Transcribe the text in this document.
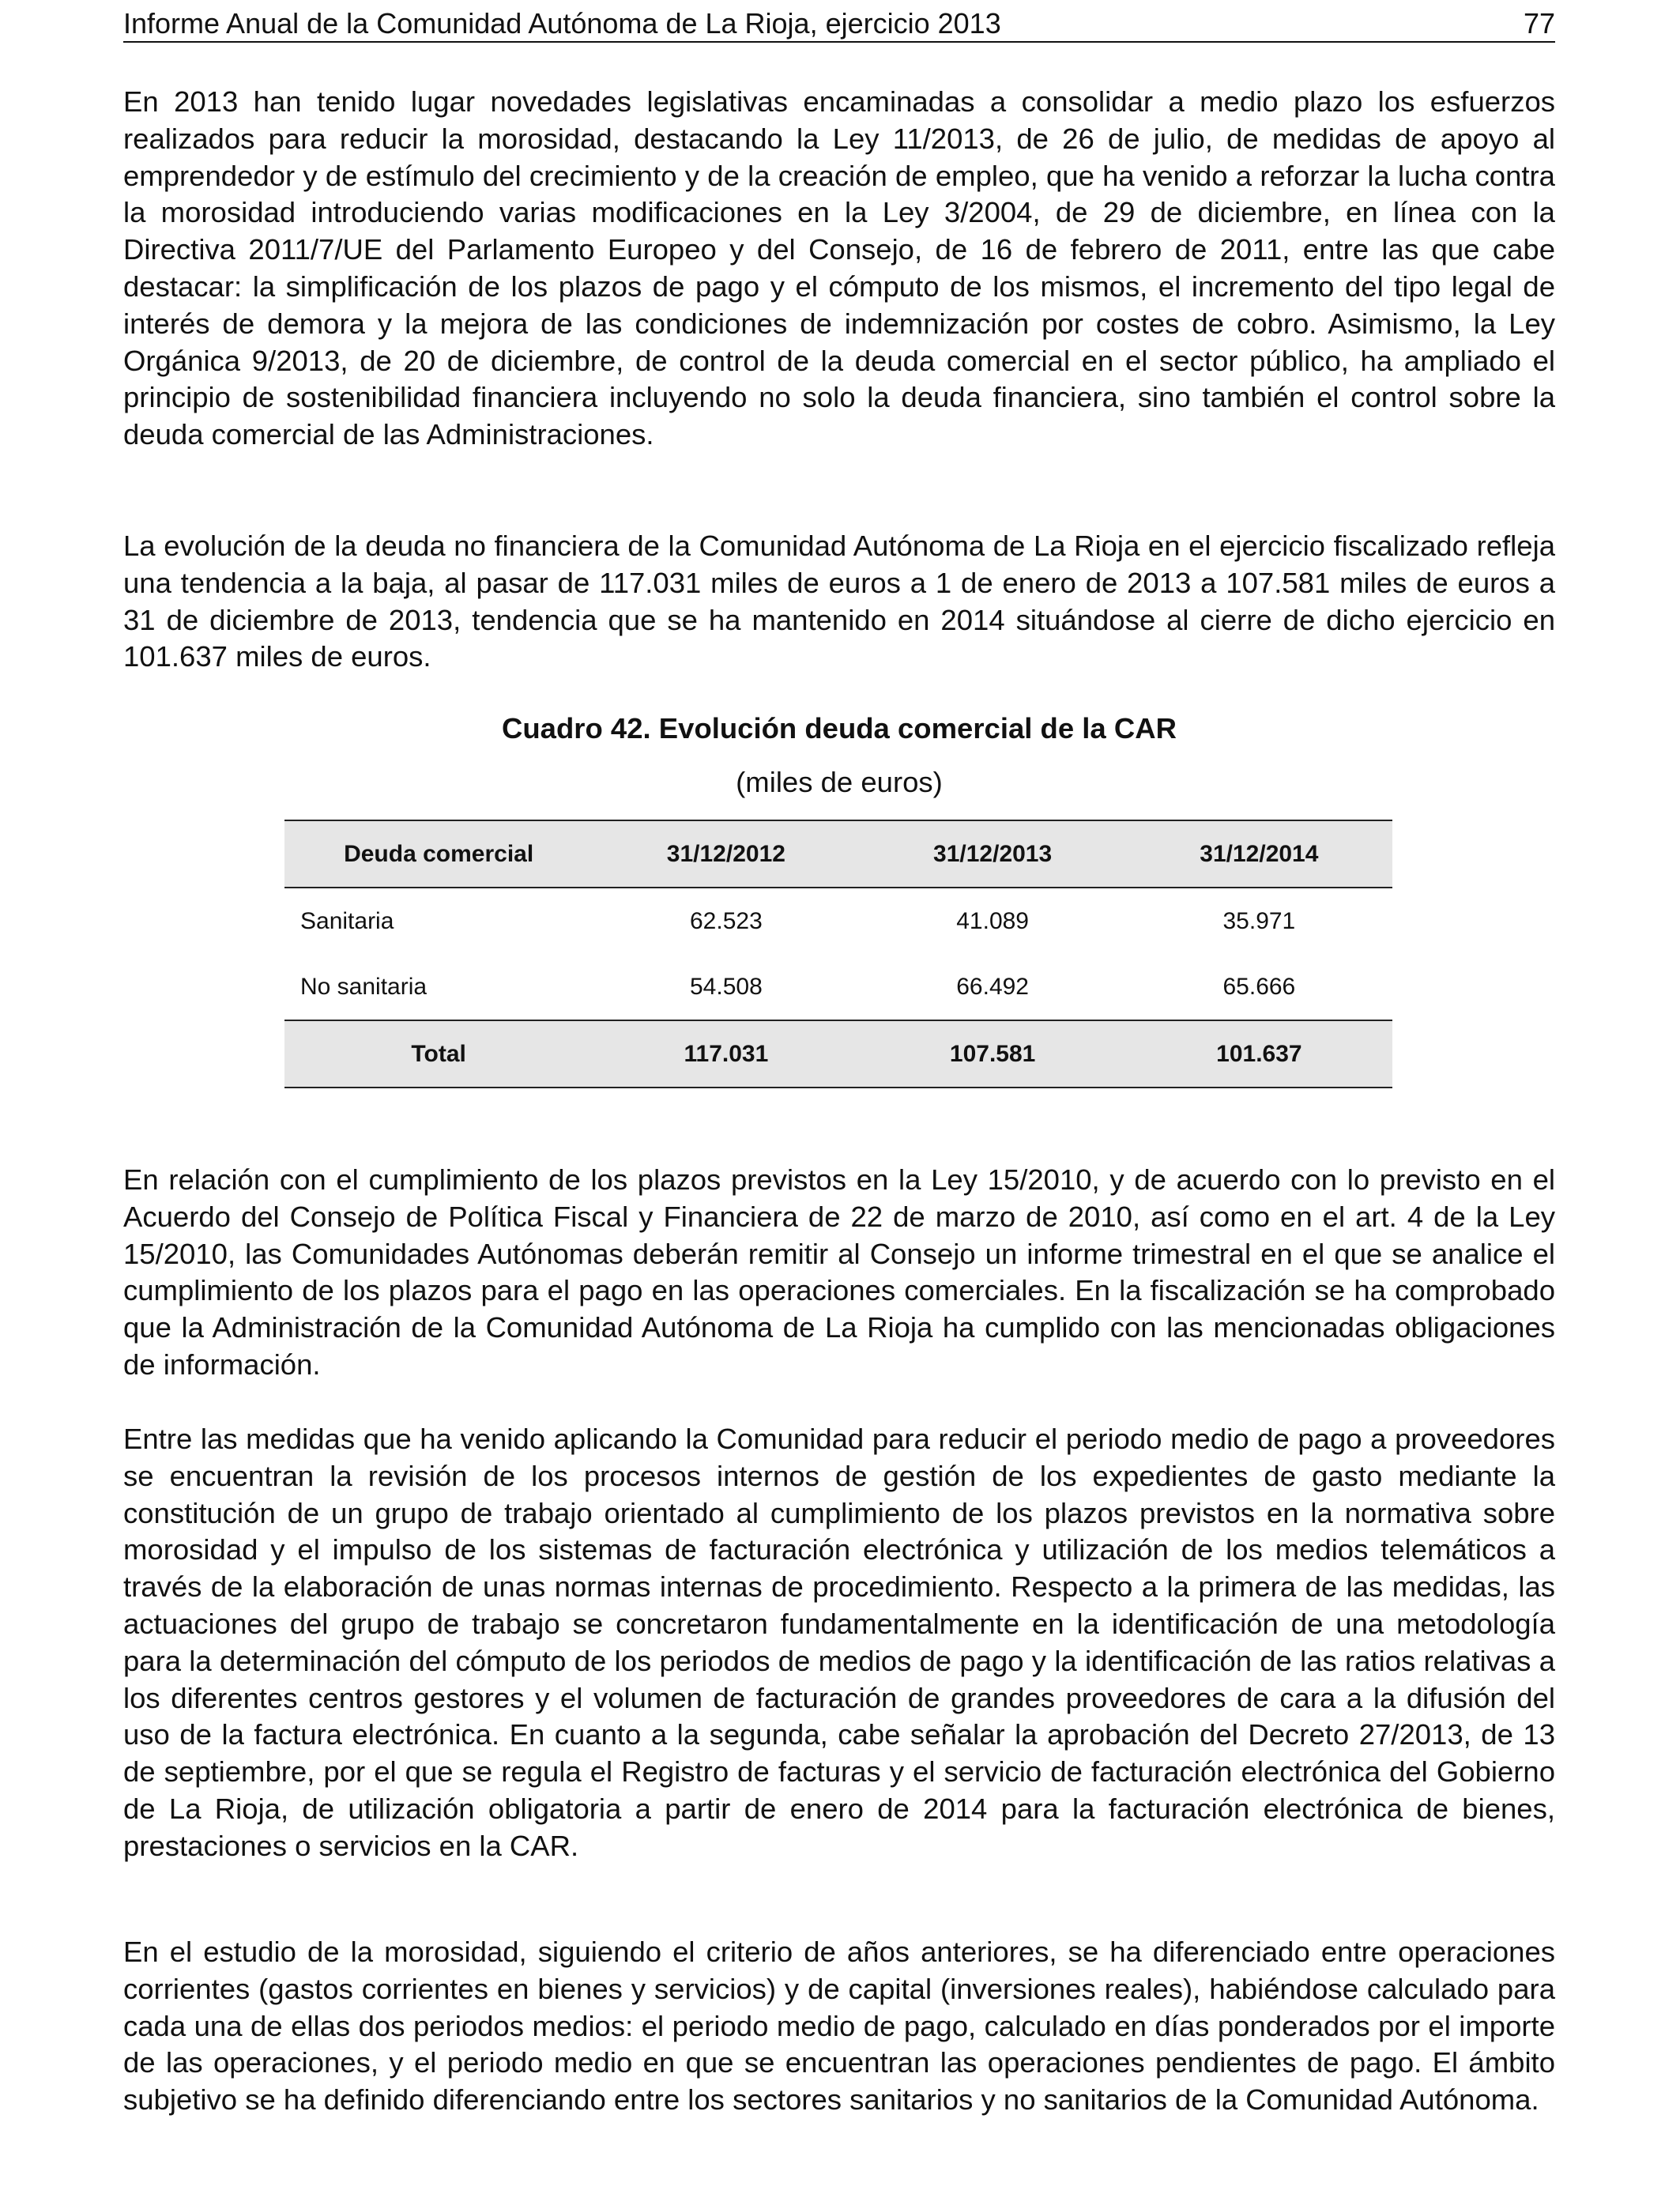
Informe Anual de la Comunidad Autónoma de La Rioja, ejercicio 2013	77

En 2013 han tenido lugar novedades legislativas encaminadas a consolidar a medio plazo los esfuerzos realizados para reducir la morosidad, destacando la Ley 11/2013, de 26 de julio, de medidas de apoyo al emprendedor y de estímulo del crecimiento y de la creación de empleo, que ha venido a reforzar la lucha contra la morosidad introduciendo varias modificaciones en la Ley 3/2004, de 29 de diciembre, en línea con la Directiva 2011/7/UE del Parlamento Europeo y del Consejo, de 16 de febrero de 2011, entre las que cabe destacar: la simplificación de los plazos de pago y el cómputo de los mismos, el incremento del tipo legal de interés de demora y la mejora de las condiciones de indemnización por costes de cobro. Asimismo, la Ley Orgánica 9/2013, de 20 de diciembre, de control de la deuda comercial en el sector público, ha ampliado el principio de sostenibilidad financiera incluyendo no solo la deuda financiera, sino también el control sobre la deuda comercial de las Administraciones.

La evolución de la deuda no financiera de la Comunidad Autónoma de La Rioja en el ejercicio fiscalizado refleja una tendencia a la baja, al pasar de 117.031 miles de euros a 1 de enero de 2013 a 107.581 miles de euros a 31 de diciembre de 2013, tendencia que se ha mantenido en 2014 situándose al cierre de dicho ejercicio en 101.637 miles de euros.

Cuadro 42. Evolución deuda comercial de la CAR
(miles de euros)
Deuda comercial	31/12/2012	31/12/2013	31/12/2014
Sanitaria	62.523	41.089	35.971
No sanitaria	54.508	66.492	65.666
Total	117.031	107.581	101.637

En relación con el cumplimiento de los plazos previstos en la Ley 15/2010, y de acuerdo con lo previsto en el Acuerdo del Consejo de Política Fiscal y Financiera de 22 de marzo de 2010, así como en el art. 4 de la Ley 15/2010, las Comunidades Autónomas deberán remitir al Consejo un informe trimestral en el que se analice el cumplimiento de los plazos para el pago en las operaciones comerciales. En la fiscalización se ha comprobado que la Administración de la Comunidad Autónoma de La Rioja ha cumplido con las mencionadas obligaciones de información.

Entre las medidas que ha venido aplicando la Comunidad para reducir el periodo medio de pago a proveedores se encuentran la revisión de los procesos internos de gestión de los expedientes de gasto mediante la constitución de un grupo de trabajo orientado al cumplimiento de los plazos previstos en la normativa sobre morosidad y el impulso de los sistemas de facturación electrónica y utilización de los medios telemáticos a través de la elaboración de unas normas internas de procedimiento. Respecto a la primera de las medidas, las actuaciones del grupo de trabajo se concretaron fundamentalmente en la identificación de una metodología para la determinación del cómputo de los periodos de medios de pago y la identificación de las ratios relativas a los diferentes centros gestores y el volumen de facturación de grandes proveedores de cara a la difusión del uso de la factura electrónica. En cuanto a la segunda, cabe señalar la aprobación del Decreto 27/2013, de 13 de septiembre, por el que se regula el Registro de facturas y el servicio de facturación electrónica del Gobierno de La Rioja, de utilización obligatoria a partir de enero de 2014 para la facturación electrónica de bienes, prestaciones o servicios en la CAR.

En el estudio de la morosidad, siguiendo el criterio de años anteriores, se ha diferenciado entre operaciones corrientes (gastos corrientes en bienes y servicios) y de capital (inversiones reales), habiéndose calculado para cada una de ellas dos periodos medios: el periodo medio de pago, calculado en días ponderados por el importe de las operaciones, y el periodo medio en que se encuentran las operaciones pendientes de pago. El ámbito subjetivo se ha definido diferenciando entre los sectores sanitarios y no sanitarios de la Comunidad Autónoma.
